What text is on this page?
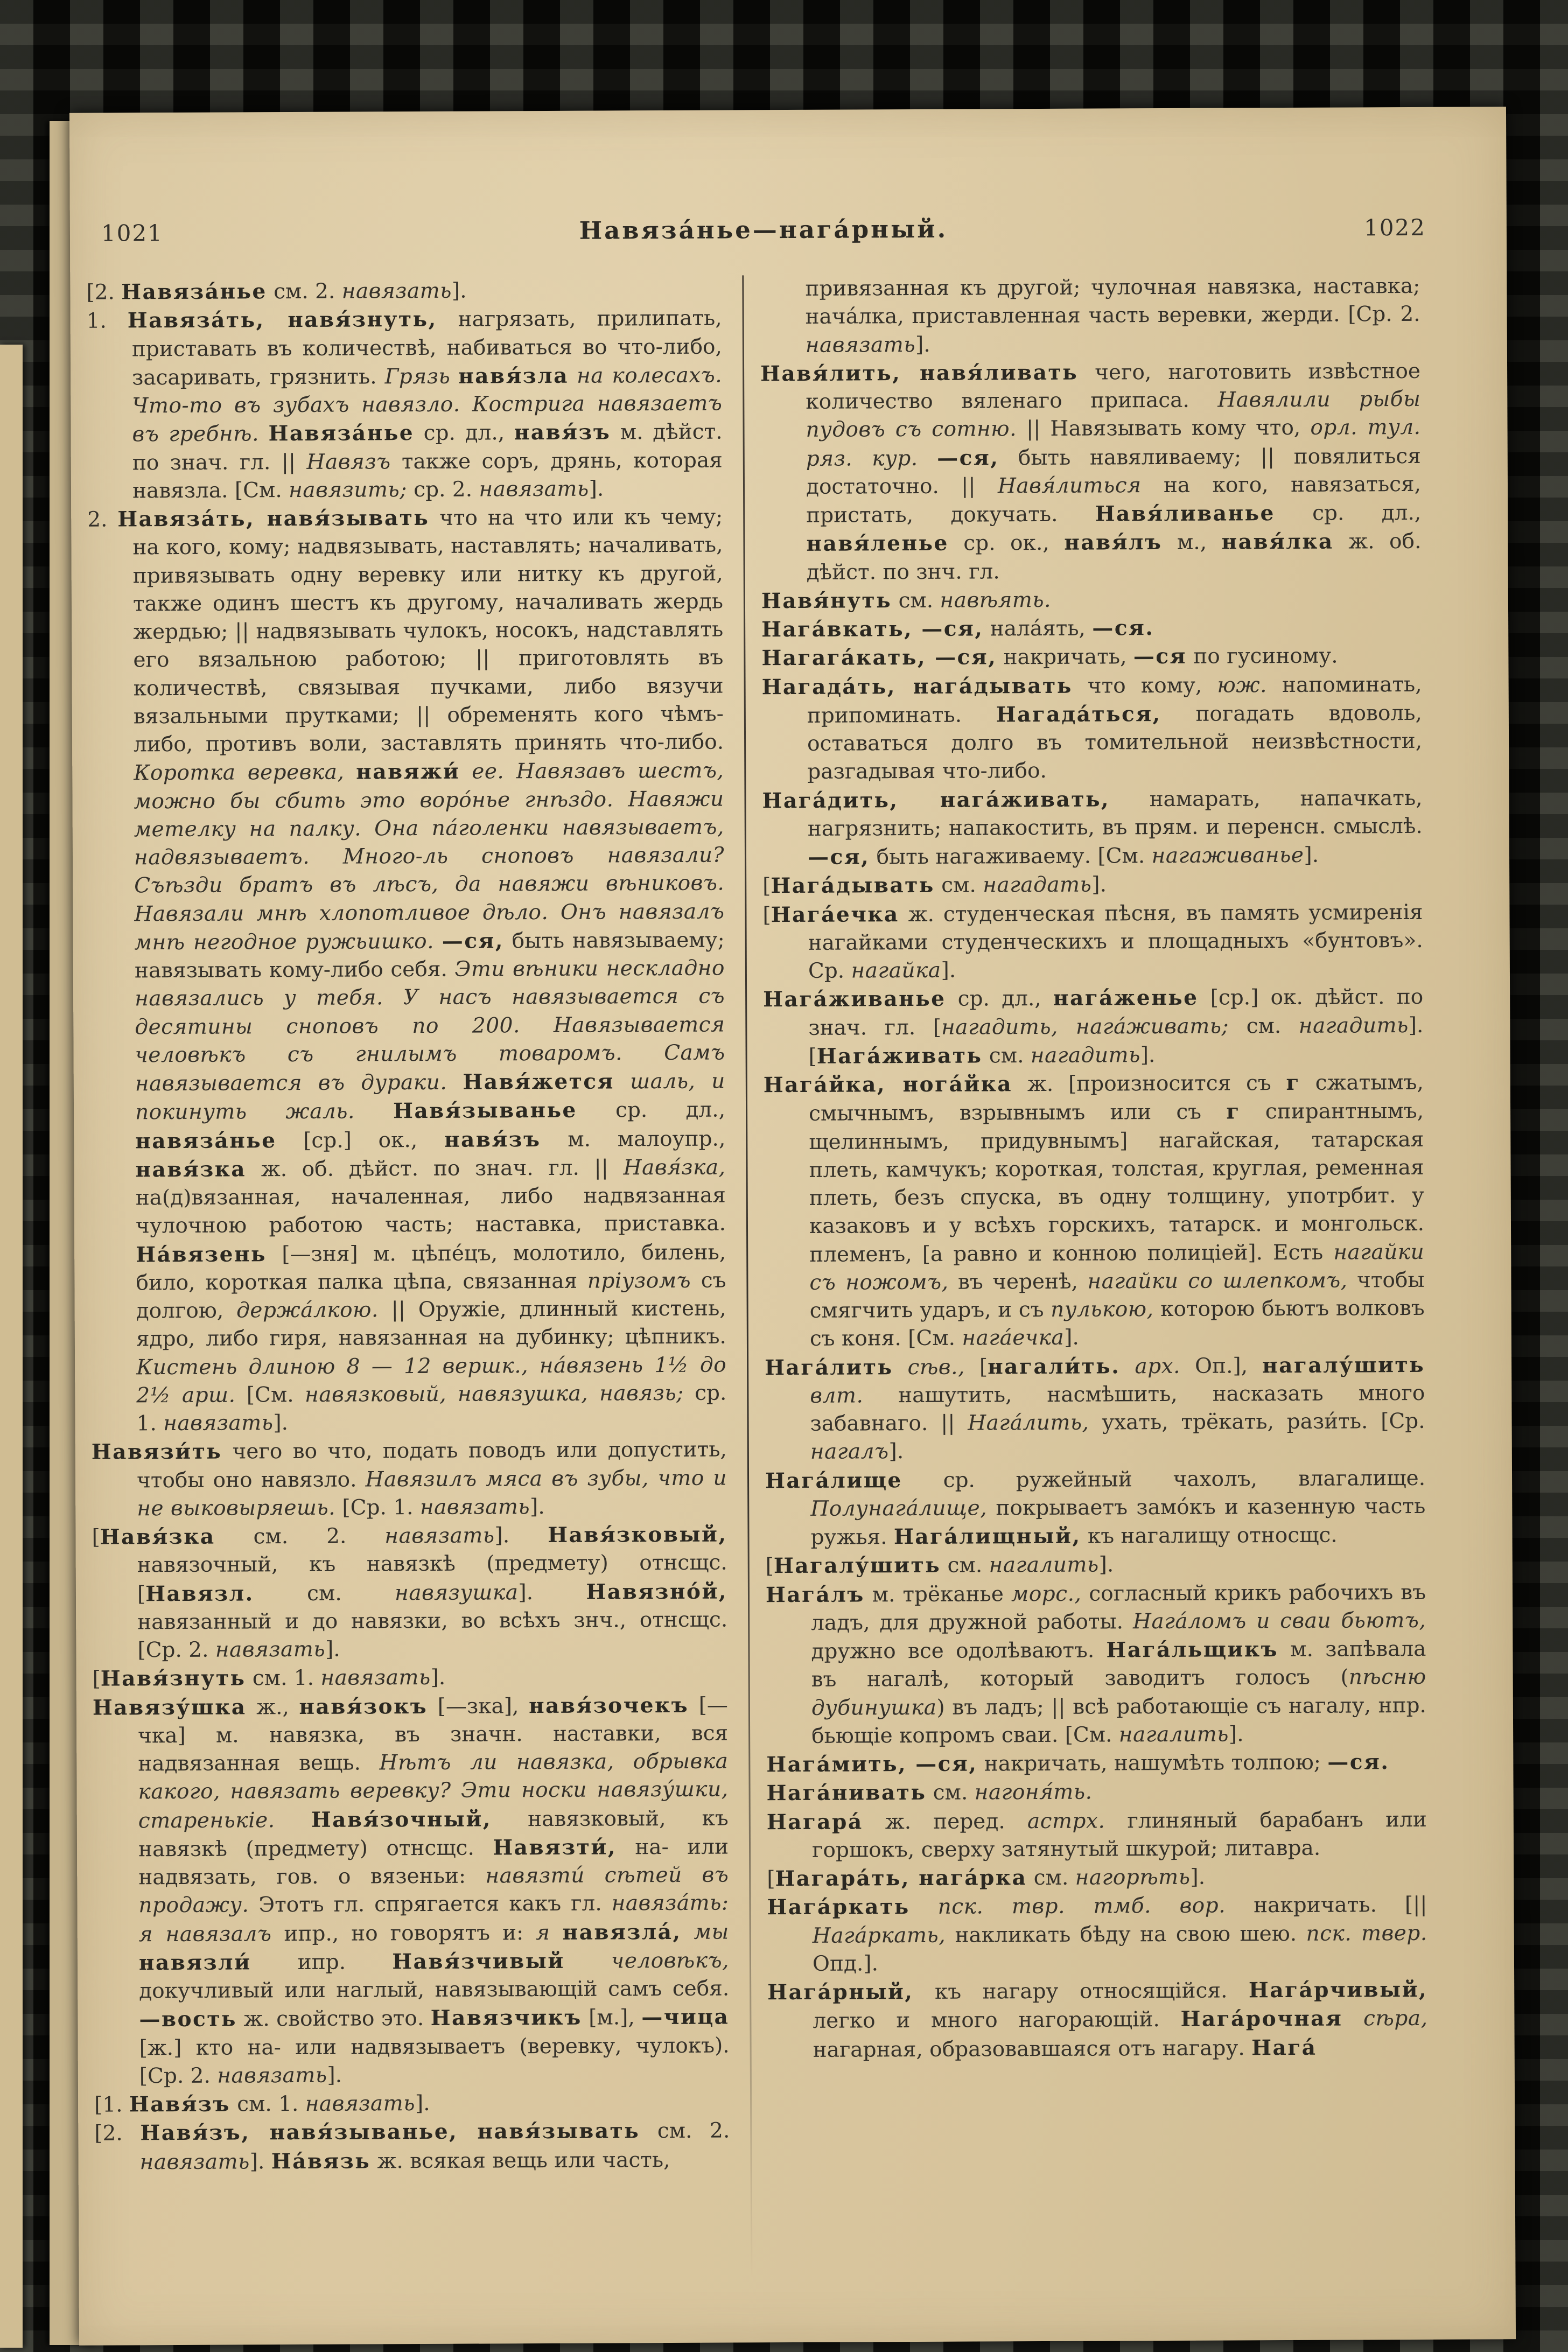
1021	Навяза́нье—нага́рный.	1022

[2. Навяза́нье см. 2. навязать].

1. Навяза́ть, навя́знуть, нагрязать, прилипать, приставать въ количествѣ, набиваться во что-либо, засаривать, грязнить. Грязь навя́зла на колесахъ. Что-то въ зубахъ навязло. Кострига навязаетъ въ гребнѣ. Навяза́нье ср. дл., навя́зъ м. дѣйст. по знач. гл. || Навязъ также соръ, дрянь, которая навязла. [См. навязить; ср. 2. навязать].

2. Навяза́ть, навя́зывать что на что или къ чему; на кого, кому; надвязывать, наставлять; началивать, привязывать одну веревку или нитку къ другой, также одинъ шестъ къ другому, началивать жердь жердью; || надвязывать чулокъ, носокъ, надставлять его вязальною работою; || приготовлять въ количествѣ, связывая пучками, либо вязучи вязальными прутками; || обременять кого чѣмъ-либо, противъ воли, заставлять принять что-либо. Коротка веревка, навяжи́ ее. Навязавъ шестъ, можно бы сбить это воро́нье гнѣздо. Навяжи метелку на палку. Она па́голенки навязываетъ, надвязываетъ. Много-ль сноповъ навязали? Съѣзди братъ въ лѣсъ, да навяжи вѣниковъ. Навязали мнѣ хлопотливое дѣло. Онъ навязалъ мнѣ негодное ружьишко. —ся, быть навязываему; навязывать кому-либо себя. Эти вѣники нескладно навязались у тебя. У насъ навязывается съ десятины сноповъ по 200. Навязывается человѣкъ съ гнилымъ товаромъ. Самъ навязывается въ дураки. Навя́жется шаль, и покинуть жаль. Навя́зыванье ср. дл., навяза́нье [ср.] ок., навя́зъ м. малоупр., навя́зка ж. об. дѣйст. по знач. гл. || Навя́зка, на(д)вязанная, началенная, либо надвязанная чулочною работою часть; наставка, приставка. На́вязень [—зня] м. цѣпе́цъ, молотило, билень, било, короткая палка цѣпа, связанная пріузомъ съ долгою, держа́лкою. || Оружіе, длинный кистень, ядро, либо гиря, навязанная на дубинку; цѣпникъ. Кистень длиною 8 — 12 вершк., на́вязень 1½ до 2½ арш. [См. навязковый, навязушка, навязь; ср. 1. навязать].

Навязи́ть чего во что, подать поводъ или допустить, чтобы оно навязло. Навязилъ мяса въ зубы, что и не выковыряешь. [Ср. 1. навязать].

[Навя́зка см. 2. навязать]. Навя́зковый, навязочный, къ навязкѣ (предмету) отнсщс. [Навязл. см. навязушка]. Навязно́й, навязанный и до навязки, во всѣхъ знч., отнсщс. [Ср. 2. навязать].

[Навя́знуть см. 1. навязать].

Навязу́шка ж., навя́зокъ [—зка], навя́зочекъ [—чка] м. навязка, въ значн. наставки, вся надвязанная вещь. Нѣтъ ли навязка, обрывка какого, навязать веревку? Эти носки навязу́шки, старенькіе. Навя́зочный, навязковый, къ навязкѣ (предмету) отнсщс. Навязти́, на- или надвязать, гов. о вязеньи: навязти́ сѣтей въ продажу. Этотъ гл. спрягается какъ гл. навяза́ть: я навязалъ ипр., но говорятъ и: я навязла́, мы навязли́ ипр. Навя́зчивый человѣкъ, докучливый или наглый, навязывающій самъ себя. —вость ж. свойство это. Навязчикъ [м.], —чица [ж.] кто на- или надвязываетъ (веревку, чулокъ). [Ср. 2. навязать].

[1. Навя́зъ см. 1. навязать].

[2. Навя́зъ, навя́зыванье, навя́зывать см. 2. навязать]. На́вязь ж. всякая вещь или часть,

привязанная къ другой; чулочная навязка, наставка; нача́лка, приставленная часть веревки, жерди. [Ср. 2. навязать].

Навя́лить, навя́ливать чего, наготовить извѣстное количество вяленаго припаса. Навялили рыбы пудовъ съ сотню. || Навязывать кому что, орл. тул. ряз. кур. —ся, быть навяливаему; || повялиться достаточно. || Навя́литься на кого, навязаться, пристать, докучать. Навя́ливанье ср. дл., навя́ленье ср. ок., навя́лъ м., навя́лка ж. об. дѣйст. по знч. гл.

Навя́нуть см. навѣять.

Нага́вкать, —ся, нала́ять, —ся.

Нагага́кать, —ся, накричать, —ся по гусиному.

Нагада́ть, нага́дывать что кому, юж. напоминать, припоминать. Нагада́ться, погадать вдоволь, оставаться долго въ томительной неизвѣстности, разгадывая что-либо.

Нага́дить, нага́живать, намарать, напачкать, нагрязнить; напакостить, въ прям. и перенсн. смыслѣ. —ся, быть нагаживаему. [См. нагаживанье].

[Нага́дывать см. нагадать].

[Нага́ечка ж. студенческая пѣсня, въ память усмиренія нагайками студенческихъ и площадныхъ «бунтовъ». Ср. нагайка].

Нага́живанье ср. дл., нага́женье [ср.] ок. дѣйст. по знач. гл. [нагадить, нага́живать; см. нагадить]. [Нага́живать см. нагадить].

Нага́йка, нога́йка ж. [произносится съ г сжатымъ, смычнымъ, взрывнымъ или съ г спирантнымъ, щелиннымъ, придувнымъ] нагайская, татарская плеть, камчукъ; короткая, толстая, круглая, ременная плеть, безъ спуска, въ одну толщину, употрбит. у казаковъ и у всѣхъ горскихъ, татарск. и монгольск. племенъ, [а равно и конною полиціей]. Есть нагайки съ ножомъ, въ черенѣ, нагайки со шлепкомъ, чтобы смягчить ударъ, и съ пулькою, которою бьютъ волковъ съ коня. [См. нага́ечка].

Нага́лить сѣв., [нагали́ть. арх. Оп.], нагалу́шить влт. нашутить, насмѣшить, насказать много забавнаго. || Нага́лить, ухать, трёкать, рази́ть. [Ср. нагалъ].

Нага́лище ср. ружейный чахолъ, влагалище. Полунага́лище, покрываетъ замо́къ и казенную часть ружья. Нага́лищный, къ нагалищу относщс.

[Нагалу́шить см. нагалить].

Нага́лъ м. трёканье морс., согласный крикъ рабочихъ въ ладъ, для дружной работы. Нага́ломъ и сваи бьютъ, дружно все одолѣваютъ. Нага́льщикъ м. запѣвала въ нагалѣ, который заводитъ голосъ (пѣсню дубинушка) въ ладъ; || всѣ работающіе съ нагалу, нпр. бьющіе копромъ сваи. [См. нагалить].

Нага́мить, —ся, накричать, нашумѣть толпою; —ся.

Нага́нивать см. нагоня́ть.

Нагара́ ж. перед. астрх. глиняный барабанъ или горшокъ, сверху затянутый шкурой; литавра.

[Нагара́ть, нага́рка см. нагорѣть].

Нага́ркать пск. твр. тмб. вор. накричать. [|| Нага́ркать, накликать бѣду на свою шею. пск. твер. Опд.].

Нага́рный, къ нагару относящійся. Нага́рчивый, легко и много нагорающій. Нага́рочная сѣра, нагарная, образовавшаяся отъ нагару. Нага́
